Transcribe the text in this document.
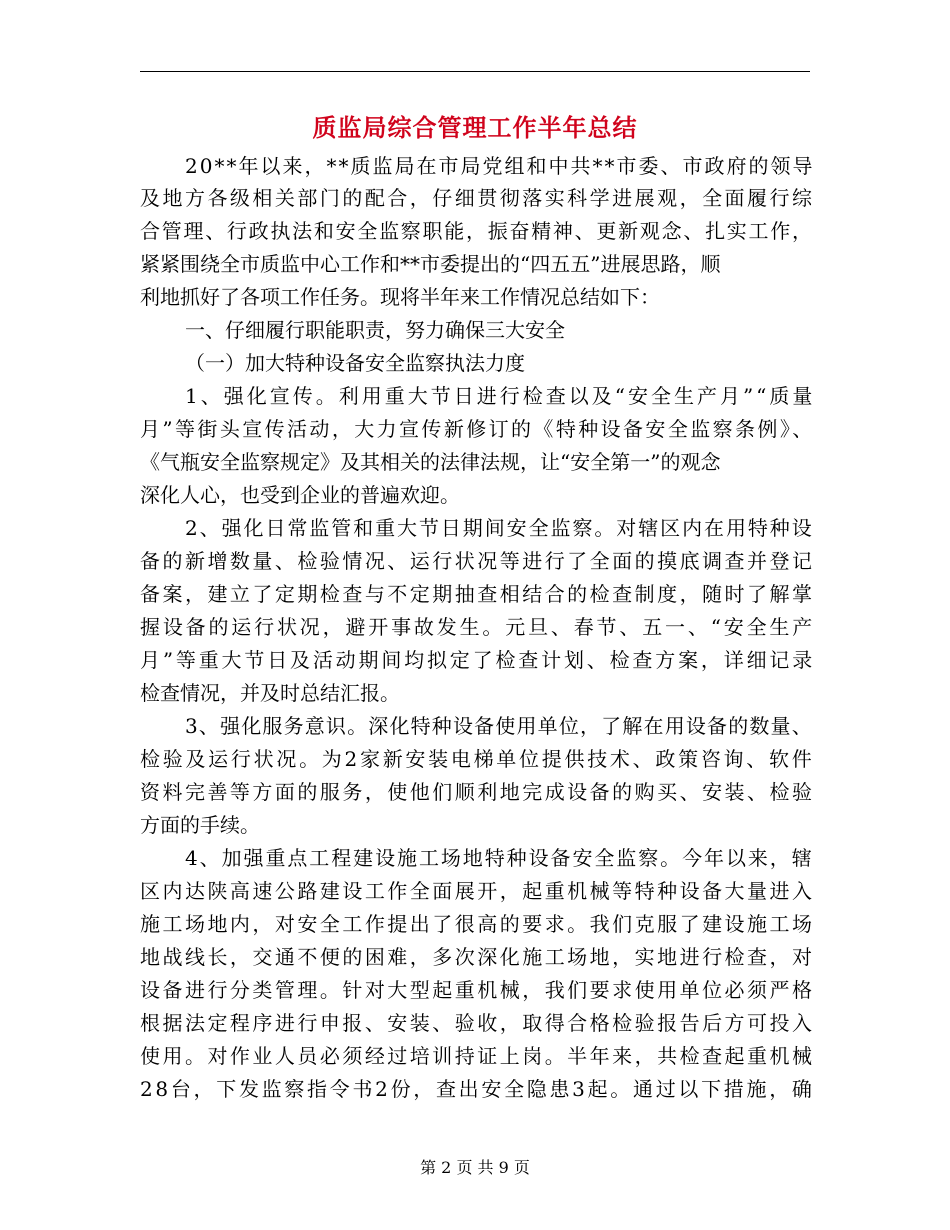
质监局综合管理工作半年总结
20**年以来，**质监局在市局党组和中共**市委、市政府的领导
及地方各级相关部门的配合，仔细贯彻落实科学进展观，全面履行综
合管理、行政执法和安全监察职能，振奋精神、更新观念、扎实工作，
紧紧围绕全市质监中心工作和**市委提出的“四五五”进展思路，顺
利地抓好了各项工作任务。现将半年来工作情况总结如下：
一、仔细履行职能职责，努力确保三大安全
（一）加大特种设备安全监察执法力度
1、强化宣传。利用重大节日进行检查以及“安全生产月”“质量
月”等街头宣传活动，大力宣传新修订的《特种设备安全监察条例》、
《气瓶安全监察规定》及其相关的法律法规，让“安全第一”的观念
深化人心，也受到企业的普遍欢迎。
2、强化日常监管和重大节日期间安全监察。对辖区内在用特种设
备的新增数量、检验情况、运行状况等进行了全面的摸底调查并登记
备案，建立了定期检查与不定期抽查相结合的检查制度，随时了解掌
握设备的运行状况，避开事故发生。元旦、春节、五一、“安全生产
月”等重大节日及活动期间均拟定了检查计划、检查方案，详细记录
检查情况，并及时总结汇报。
3、强化服务意识。深化特种设备使用单位，了解在用设备的数量、
检验及运行状况。为2家新安装电梯单位提供技术、政策咨询、软件
资料完善等方面的服务，使他们顺利地完成设备的购买、安装、检验
方面的手续。
4、加强重点工程建设施工场地特种设备安全监察。今年以来，辖
区内达陕高速公路建设工作全面展开，起重机械等特种设备大量进入
施工场地内，对安全工作提出了很高的要求。我们克服了建设施工场
地战线长，交通不便的困难，多次深化施工场地，实地进行检查，对
设备进行分类管理。针对大型起重机械，我们要求使用单位必须严格
根据法定程序进行申报、安装、验收，取得合格检验报告后方可投入
使用。对作业人员必须经过培训持证上岗。半年来，共检查起重机械
28台，下发监察指令书2份，查出安全隐患3起。通过以下措施，确
第 2 页 共 9 页
